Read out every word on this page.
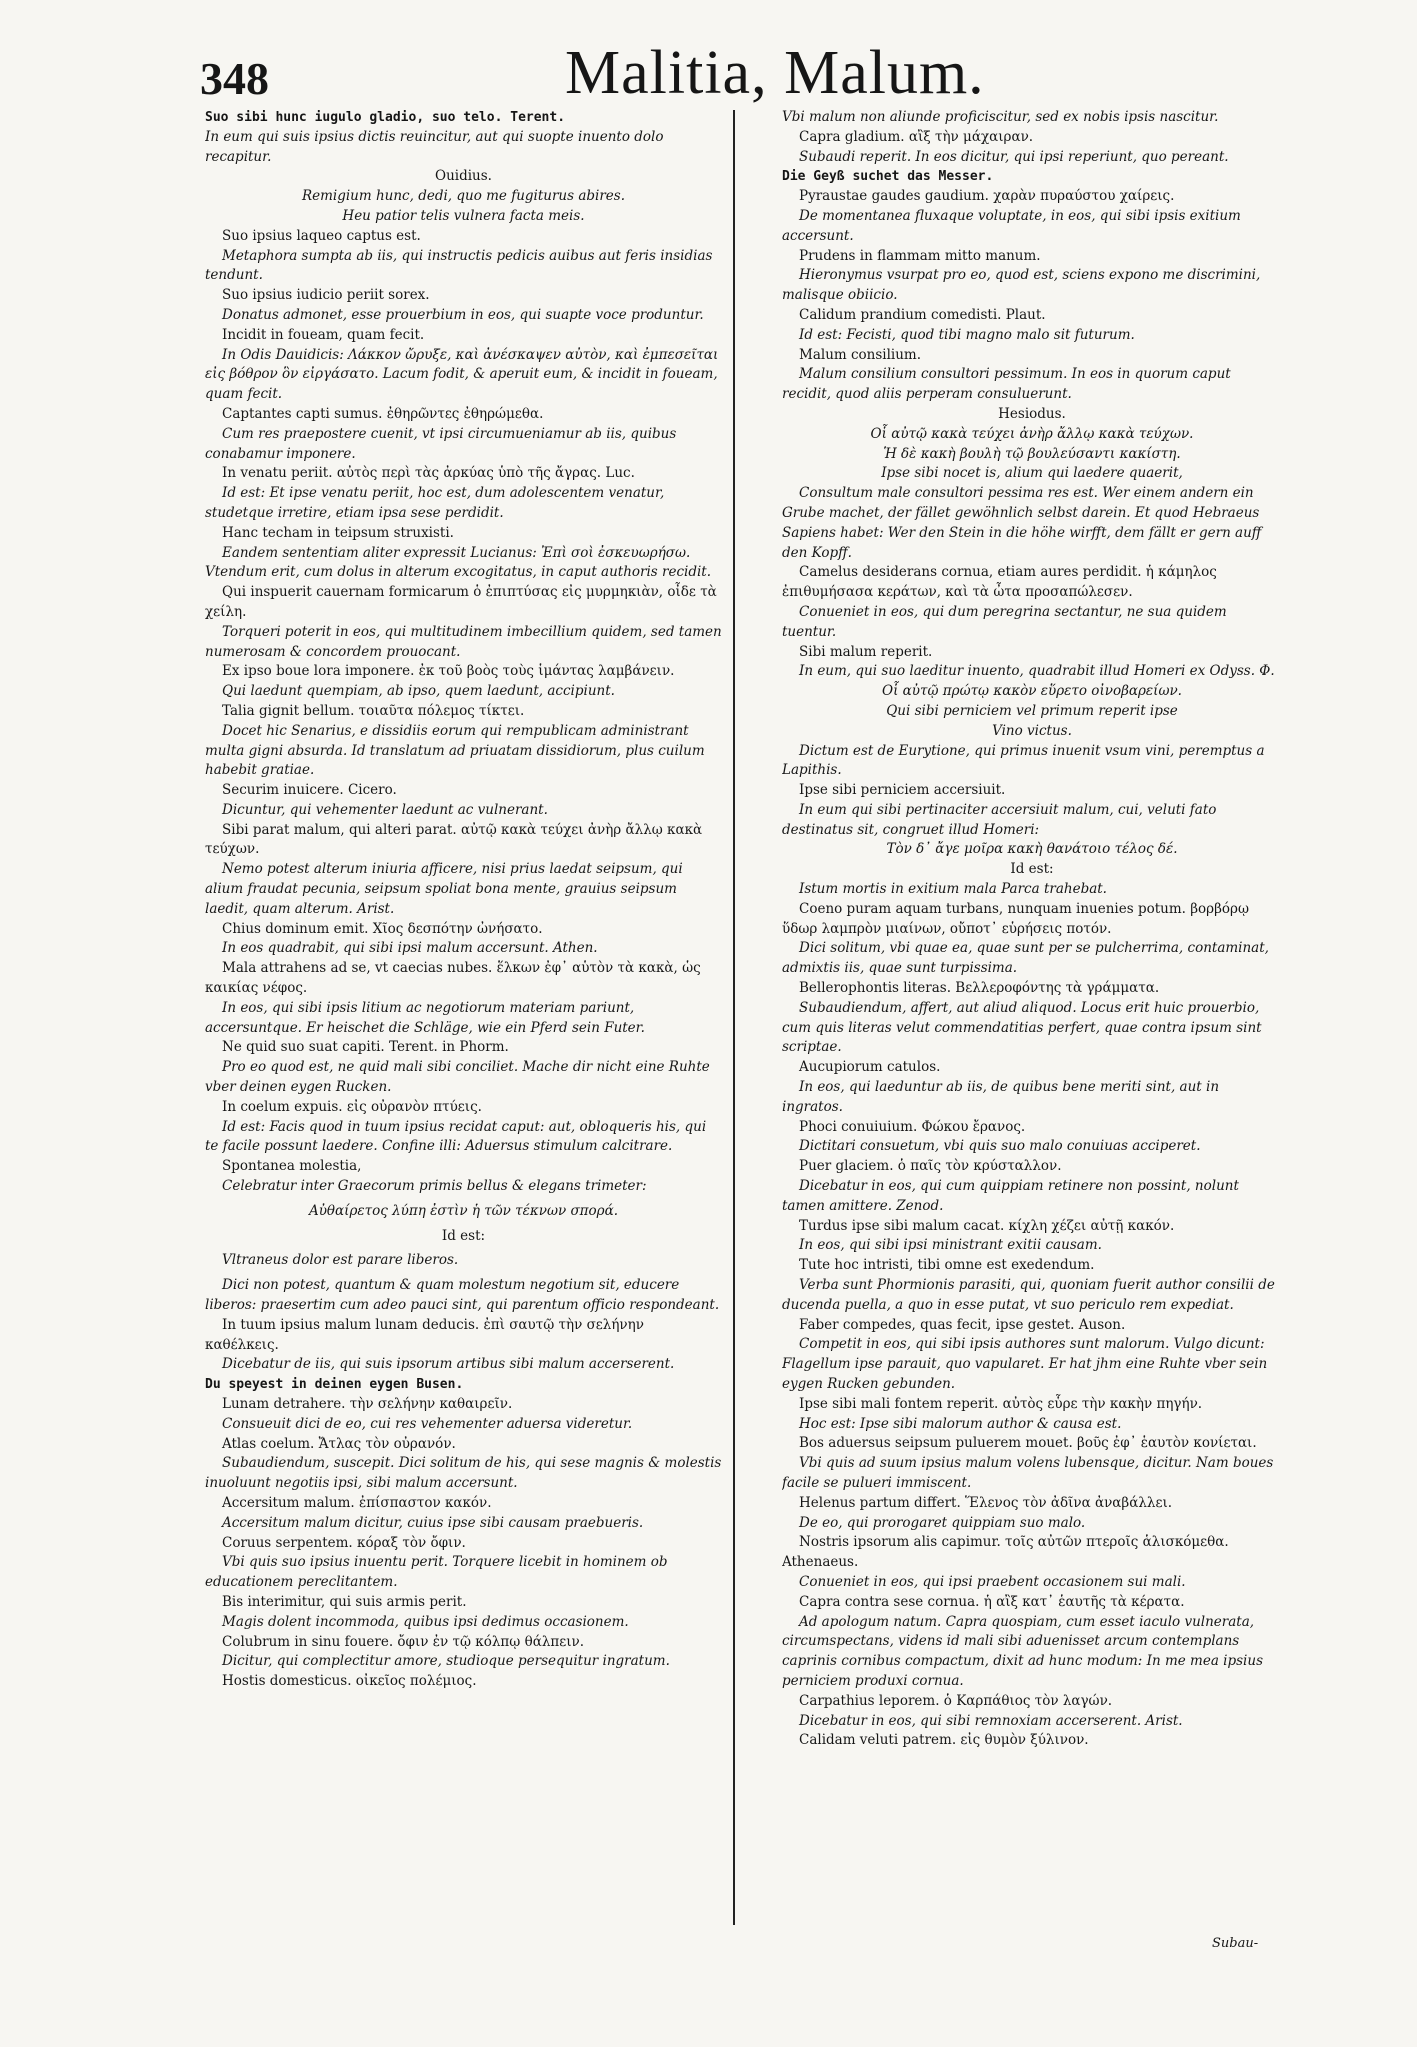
348	Malitia, Malum.

Suo sibi hunc iugulo gladio, suo telo. Terent.

In eum qui suis ipsius dictis reuincitur, aut qui suopte inuento dolo recapitur.

Ouidius.

Remigium hunc, dedi, quo me fugiturus abires.

Heu patior telis vulnera facta meis.

Suo ipsius laqueo captus est.

Metaphora sumpta ab iis, qui instructis pedicis auibus aut feris insidias tendunt.

Suo ipsius iudicio periit sorex.

Donatus admonet, esse prouerbium in eos, qui suapte voce produntur.

Incidit in foueam, quam fecit.

In Odis Dauidicis: Λάκκον ὤρυξε, καὶ ἀνέσκαψεν αὐτὸν, καὶ ἐμπεσεῖται εἰς βόθρον ὃν εἰργάσατο. Lacum fodit, & aperuit eum, & incidit in foueam, quam fecit.

Captantes capti sumus. ἐθηρῶντες ἐθηρώμεθα.

Cum res praepostere cuenit, vt ipsi circumueniamur ab iis, quibus conabamur imponere.

In venatu periit. αὐτὸς περὶ τὰς ἀρκύας ὑπὸ τῆς ἄγρας. Luc.

Id est: Et ipse venatu periit, hoc est, dum adolescentem venatur, studetque irretire, etiam ipsa sese perdidit.

Hanc techam in teipsum struxisti.

Eandem sententiam aliter expressit Lucianus: Ἐπὶ σοὶ ἐσκευωρήσω. Vtendum erit, cum dolus in alterum excogitatus, in caput authoris recidit.

Qui inspuerit cauernam formicarum ὁ ἐπιπτύσας εἰς μυρμηκιὰν, οἶδε τὰ χείλη.

Torqueri poterit in eos, qui multitudinem imbecillium quidem, sed tamen numerosam & concordem prouocant.

Ex ipso boue lora imponere. ἐκ τοῦ βοὸς τοὺς ἱμάντας λαμβάνειν.

Qui laedunt quempiam, ab ipso, quem laedunt, accipiunt.

Talia gignit bellum. τοιαῦτα πόλεμος τίκτει.

Docet hic Senarius, e dissidiis eorum qui rempublicam administrant multa gigni absurda. Id translatum ad priuatam dissidiorum, plus cuilum habebit gratiae.

Securim inuicere. Cicero.

Dicuntur, qui vehementer laedunt ac vulnerant.

Sibi parat malum, qui alteri parat. αὐτῷ κακὰ τεύχει ἀνὴρ ἄλλῳ κακὰ τεύχων.

Nemo potest alterum iniuria afficere, nisi prius laedat seipsum, qui alium fraudat pecunia, seipsum spoliat bona mente, grauius seipsum laedit, quam alterum. Arist.

Chius dominum emit. Χῖος δεσπότην ὠνήσατο.

In eos quadrabit, qui sibi ipsi malum accersunt. Athen.

Mala attrahens ad se, vt caecias nubes. ἕλκων ἐφ᾽ αὑτὸν τὰ κακὰ, ὡς καικίας νέφος.

In eos, qui sibi ipsis litium ac negotiorum materiam pariunt, accersuntque. Er heischet die Schläge, wie ein Pferd sein Futer.

Ne quid suo suat capiti. Terent. in Phorm.

Pro eo quod est, ne quid mali sibi conciliet. Mache dir nicht eine Ruhte vber deinen eygen Rucken.

In coelum expuis. εἰς οὐρανὸν πτύεις.

Id est: Facis quod in tuum ipsius recidat caput: aut, obloqueris his, qui te facile possunt laedere. Confine illi: Aduersus stimulum calcitrare.

Spontanea molestia,

Celebratur inter Graecorum primis bellus & elegans trimeter:

Αὐθαίρετος λύπη ἐστὶν ἡ τῶν τέκνων σπορά.

Id est:

Vltraneus dolor est parare liberos.

Dici non potest, quantum & quam molestum negotium sit, educere liberos: praesertim cum adeo pauci sint, qui parentum officio respondeant.

In tuum ipsius malum lunam deducis. ἐπὶ σαυτῷ τὴν σελήνην καθέλκεις.

Dicebatur de iis, qui suis ipsorum artibus sibi malum accerserent.

Du speyest in deinen eygen Busen.

Lunam detrahere. τὴν σελήνην καθαιρεῖν.

Consueuit dici de eo, cui res vehementer aduersa videretur.

Atlas coelum. Ἄτλας τὸν οὐρανόν.

Subaudiendum, suscepit. Dici solitum de his, qui sese magnis & molestis inuoluunt negotiis ipsi, sibi malum accersunt.

Accersitum malum. ἐπίσπαστον κακόν.

Accersitum malum dicitur, cuius ipse sibi causam praebueris.

Coruus serpentem. κόραξ τὸν ὄφιν.

Vbi quis suo ipsius inuentu perit. Torquere licebit in hominem ob educationem pereclitantem.

Bis interimitur, qui suis armis perit.

Magis dolent incommoda, quibus ipsi dedimus occasionem.

Colubrum in sinu fouere. ὄφιν ἐν τῷ κόλπῳ θάλπειν.

Dicitur, qui complectitur amore, studioque persequitur ingratum.

Hostis domesticus. οἰκεῖος πολέμιος.

Vbi malum non aliunde proficiscitur, sed ex nobis ipsis nascitur.

Capra gladium. αἲξ τὴν μάχαιραν.

Subaudi reperit. In eos dicitur, qui ipsi reperiunt, quo pereant.

Die Geyß suchet das Messer.

Pyraustae gaudes gaudium. χαρὰν πυραύστου χαίρεις.

De momentanea fluxaque voluptate, in eos, qui sibi ipsis exitium accersunt.

Prudens in flammam mitto manum.

Hieronymus vsurpat pro eo, quod est, sciens expono me discrimini, malisque obiicio.

Calidum prandium comedisti. Plaut.

Id est: Fecisti, quod tibi magno malo sit futurum.

Malum consilium.

Malum consilium consultori pessimum. In eos in quorum caput recidit, quod aliis perperam consuluerunt.

Hesiodus.

Οἷ αὐτῷ κακὰ τεύχει ἀνὴρ ἄλλῳ κακὰ τεύχων.

Ἡ δὲ κακὴ βουλὴ τῷ βουλεύσαντι κακίστη.

Ipse sibi nocet is, alium qui laedere quaerit,

Consultum male consultori pessima res est. Wer einem andern ein Grube machet, der fället gewöhnlich selbst darein. Et quod Hebraeus Sapiens habet: Wer den Stein in die höhe wirfft, dem fällt er gern auff den Kopff.

Camelus desiderans cornua, etiam aures perdidit. ἡ κάμηλος ἐπιθυμήσασα κεράτων, καὶ τὰ ὦτα προσαπώλεσεν.

Conueniet in eos, qui dum peregrina sectantur, ne sua quidem tuentur.

Sibi malum reperit.

In eum, qui suo laeditur inuento, quadrabit illud Homeri ex Odyss. Φ.

Οἷ αὐτῷ πρώτῳ κακὸν εὕρετο οἰνοβαρείων.

Qui sibi perniciem vel primum reperit ipse

Vino victus.

Dictum est de Eurytione, qui primus inuenit vsum vini, peremptus a Lapithis.

Ipse sibi perniciem accersiuit.

In eum qui sibi pertinaciter accersiuit malum, cui, veluti fato destinatus sit, congruet illud Homeri:

Τὸν δ᾽ ἄγε μοῖρα κακὴ θανάτοιο τέλος δέ.

Id est:

Istum mortis in exitium mala Parca trahebat.

Coeno puram aquam turbans, nunquam inuenies potum. βορβόρῳ ὕδωρ λαμπρὸν μιαίνων, οὔποτ᾽ εὑρήσεις ποτόν.

Dici solitum, vbi quae ea, quae sunt per se pulcherrima, contaminat, admixtis iis, quae sunt turpissima.

Bellerophontis literas. Βελλεροφόντης τὰ γράμματα.

Subaudiendum, affert, aut aliud aliquod. Locus erit huic prouerbio, cum quis literas velut commendatitias perfert, quae contra ipsum sint scriptae.

Aucupiorum catulos.

In eos, qui laeduntur ab iis, de quibus bene meriti sint, aut in ingratos.

Phoci conuiuium. Φώκου ἔρανος.

Dictitari consuetum, vbi quis suo malo conuiuas acciperet.

Puer glaciem. ὁ παῖς τὸν κρύσταλλον.

Dicebatur in eos, qui cum quippiam retinere non possint, nolunt tamen amittere. Zenod.

Turdus ipse sibi malum cacat. κίχλη χέζει αὐτῇ κακόν.

In eos, qui sibi ipsi ministrant exitii causam.

Tute hoc intristi, tibi omne est exedendum.

Verba sunt Phormionis parasiti, qui, quoniam fuerit author consilii de ducenda puella, a quo in esse putat, vt suo periculo rem expediat.

Faber compedes, quas fecit, ipse gestet. Auson.

Competit in eos, qui sibi ipsis authores sunt malorum. Vulgo dicunt: Flagellum ipse parauit, quo vapularet. Er hat jhm eine Ruhte vber sein eygen Rucken gebunden.

Ipse sibi mali fontem reperit. αὐτὸς εὗρε τὴν κακὴν πηγήν.

Hoc est: Ipse sibi malorum author & causa est.

Bos aduersus seipsum puluerem mouet. βοῦς ἐφ᾽ ἑαυτὸν κονίεται.

Vbi quis ad suum ipsius malum volens lubensque, dicitur. Nam boues facile se pulueri immiscent.

Helenus partum differt. Ἕλενος τὸν ἀδῖνα ἀναβάλλει.

De eo, qui prorogaret quippiam suo malo.

Nostris ipsorum alis capimur. τοῖς αὐτῶν πτεροῖς ἁλισκόμεθα. Athenaeus.

Conueniet in eos, qui ipsi praebent occasionem sui mali.

Capra contra sese cornua. ἡ αἲξ κατ᾽ ἑαυτῆς τὰ κέρατα.

Ad apologum natum. Capra quospiam, cum esset iaculo vulnerata, circumspectans, videns id mali sibi aduenisset arcum contemplans caprinis cornibus compactum, dixit ad hunc modum: In me mea ipsius perniciem produxi cornua.

Carpathius leporem. ὁ Καρπάθιος τὸν λαγών.

Dicebatur in eos, qui sibi remnoxiam accerserent. Arist.

Calidam veluti patrem. εἰς θυμὸν ξύλινον.

Subau-
